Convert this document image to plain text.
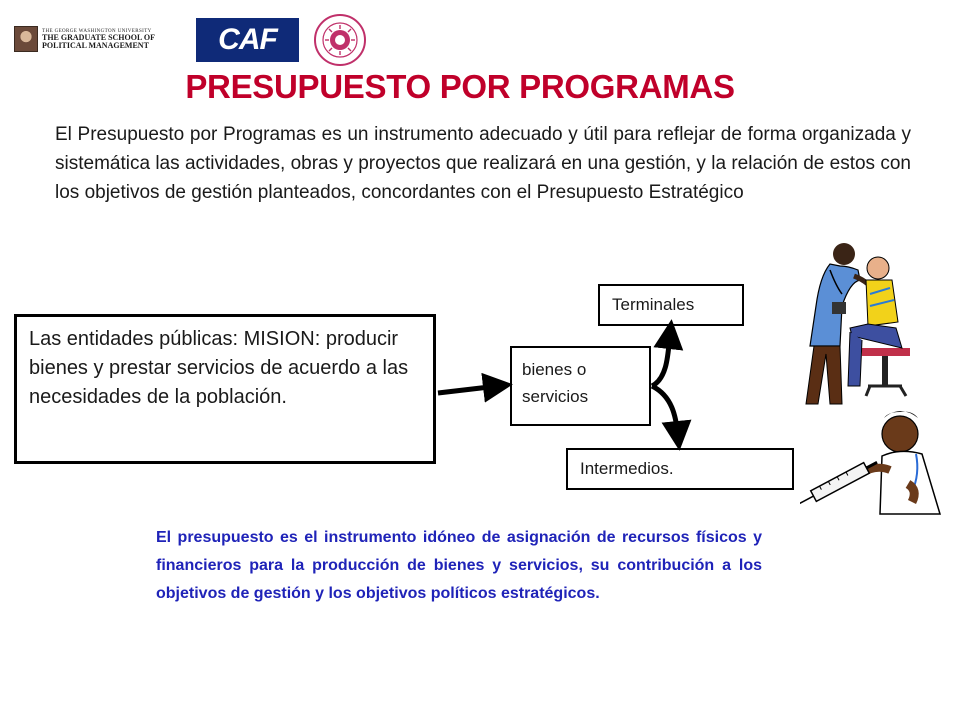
THE GEORGE WASHINGTON UNIVERSITY
THE GRADUATE SCHOOL OF
POLITICAL MANAGEMENT CAF
PRESUPUESTO POR PROGRAMAS
El Presupuesto por Programas es un instrumento adecuado y útil para reflejar de forma organizada y sistemática las actividades, obras y proyectos que realizará en una gestión, y la relación de estos con los objetivos de gestión planteados, concordantes con el Presupuesto Estratégico
Las entidades públicas: MISION: producir bienes y prestar servicios de acuerdo a las necesidades de la población.
bienes o servicios
Terminales
Intermedios.
El presupuesto es el instrumento idóneo de asignación de recursos físicos y financieros para la producción de bienes y servicios, su contribución a los objetivos de gestión y los objetivos políticos estratégicos.
